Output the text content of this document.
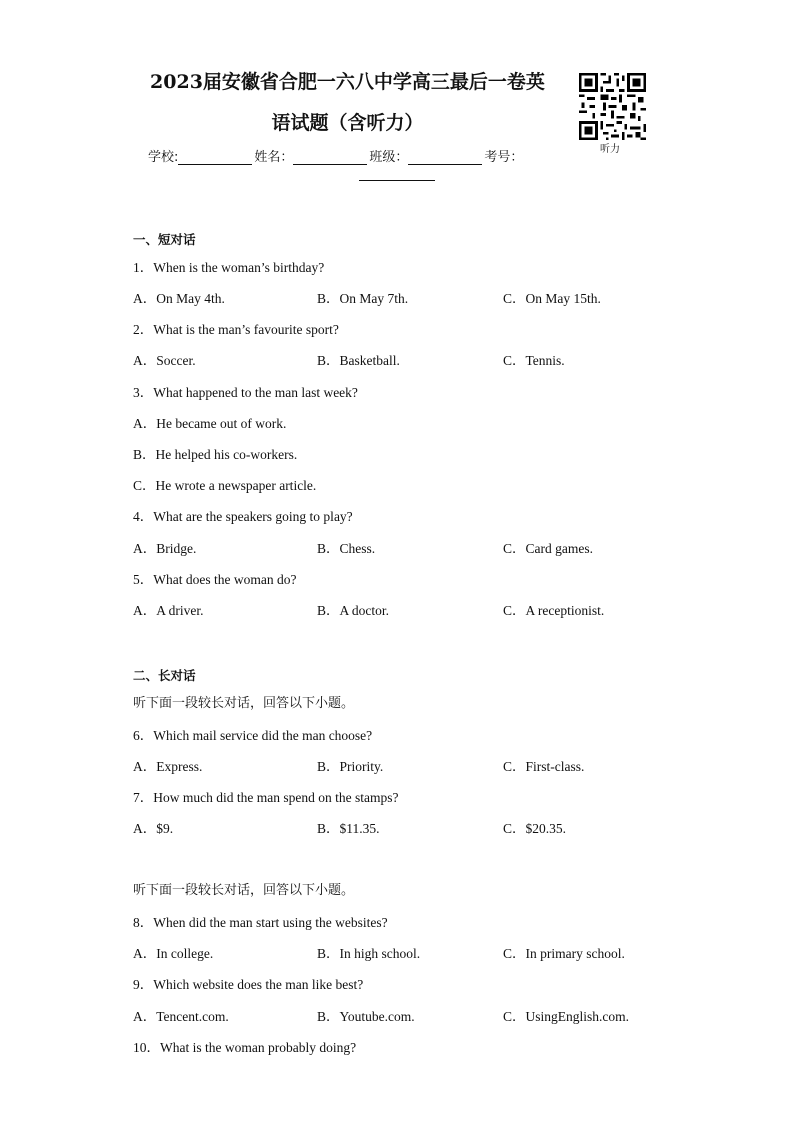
2023届安徽省合肥一六八中学高三最后一卷英
语试题（含听力）
听力
学校:	姓名：	班级：	考号：
一、短对话
1．When is the woman’s birthday?
A．On May 4th.	B．On May 7th.	C．On May 15th.
2．What is the man’s favourite sport?
A．Soccer.	B．Basketball.	C．Tennis.
3．What happened to the man last week?
A．He became out of work.
B．He helped his co-workers.
C．He wrote a newspaper article.
4．What are the speakers going to play?
A．Bridge.	B．Chess.	C．Card games.
5．What does the woman do?
A．A driver.	B．A doctor.	C．A receptionist.
二、长对话
听下面一段较长对话，回答以下小题。
6．Which mail service did the man choose?
A．Express.	B．Priority.	C．First-class.
7．How much did the man spend on the stamps?
A．$9.	B．$11.35.	C．$20.35.
听下面一段较长对话，回答以下小题。
8．When did the man start using the websites?
A．In college.	B．In high school.	C．In primary school.
9．Which website does the man like best?
A．Tencent.com.	B．Youtube.com.	C．UsingEnglish.com.
10．What is the woman probably doing?
